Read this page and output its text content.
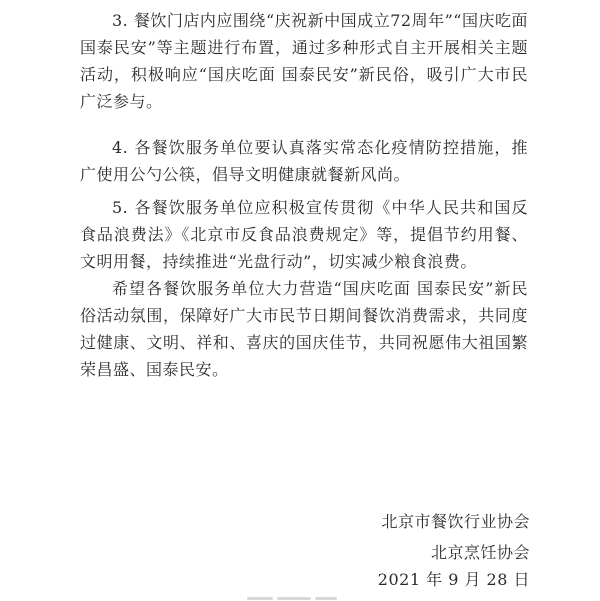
3. 餐饮门店内应围绕“庆祝新中国成立72周年”“国庆吃面 国泰民安”等主题进行布置，通过多种形式自主开展相关主题活动，积极响应“国庆吃面 国泰民安”新民俗，吸引广大市民广泛参与。

4. 各餐饮服务单位要认真落实常态化疫情防控措施，推广使用公勺公筷，倡导文明健康就餐新风尚。

5. 各餐饮服务单位应积极宣传贯彻《中华人民共和国反食品浪费法》《北京市反食品浪费规定》等，提倡节约用餐、文明用餐，持续推进“光盘行动”，切实减少粮食浪费。

希望各餐饮服务单位大力营造“国庆吃面 国泰民安”新民俗活动氛围，保障好广大市民节日期间餐饮消费需求，共同度过健康、文明、祥和、喜庆的国庆佳节，共同祝愿伟大祖国繁荣昌盛、国泰民安。

北京市餐饮行业协会
北京烹饪协会
2021 年 9 月 28 日
